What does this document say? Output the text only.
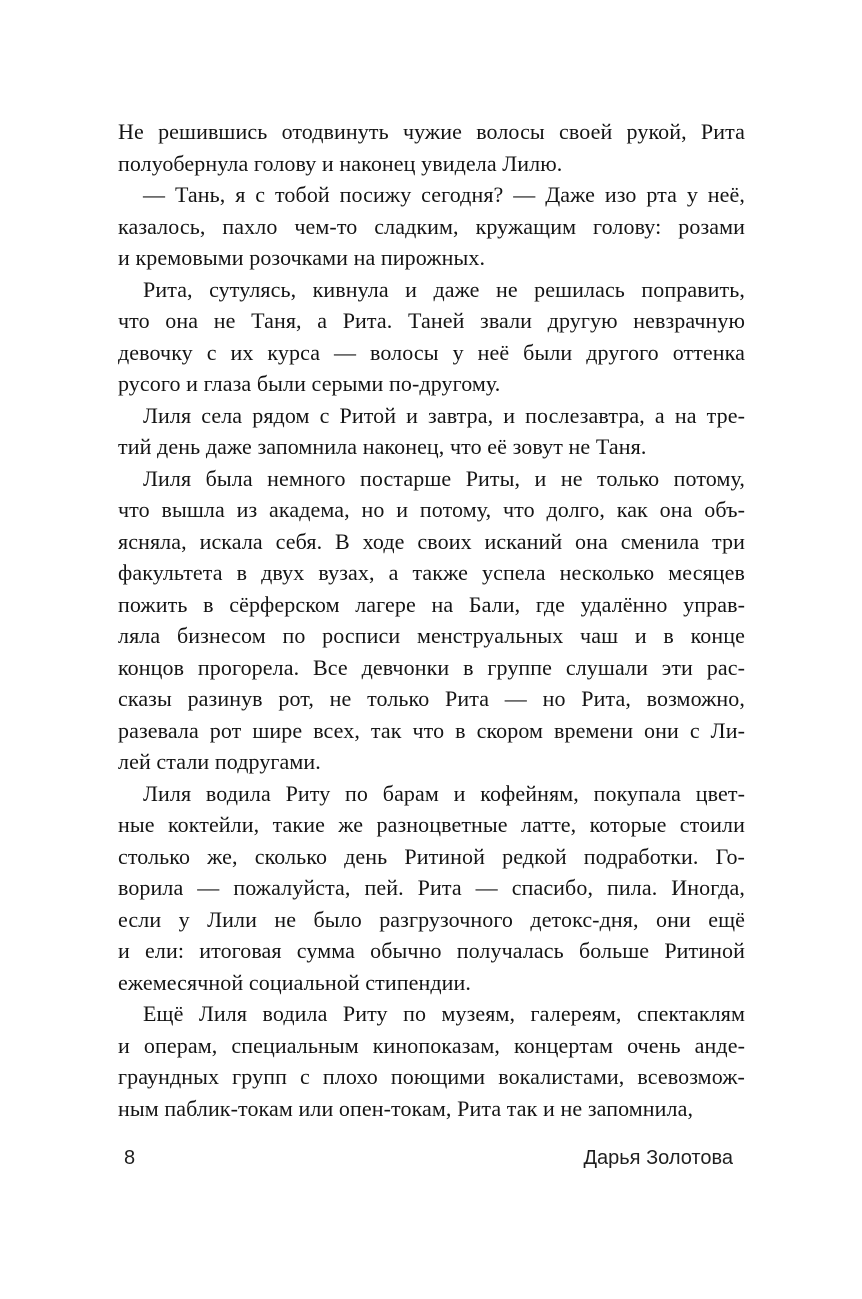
Не решившись отодвинуть чужие волосы своей рукой, Рита
полуобернула голову и наконец увидела Лилю.
— Тань, я с тобой посижу сегодня? — Даже изо рта у неё,
казалось, пахло чем-то сладким, кружащим голову: розами
и кремовыми розочками на пирожных.
Рита, сутулясь, кивнула и даже не решилась поправить,
что она не Таня, а Рита. Таней звали другую невзрачную
девочку с их курса — волосы у неё были другого оттенка
русого и глаза были серыми по-другому.
Лиля села рядом с Ритой и завтра, и послезавтра, а на тре-
тий день даже запомнила наконец, что её зовут не Таня.
Лиля была немного постарше Риты, и не только потому,
что вышла из академа, но и потому, что долго, как она объ-
ясняла, искала себя. В ходе своих исканий она сменила три
факультета в двух вузах, а также успела несколько месяцев
пожить в сёрферском лагере на Бали, где удалённо управ-
ляла бизнесом по росписи менструальных чаш и в конце
концов прогорела. Все девчонки в группе слушали эти рас-
сказы разинув рот, не только Рита — но Рита, возможно,
разевала рот шире всех, так что в скором времени они с Ли-
лей стали подругами.
Лиля водила Риту по барам и кофейням, покупала цвет-
ные коктейли, такие же разноцветные латте, которые стоили
столько же, сколько день Ритиной редкой подработки. Го-
ворила — пожалуйста, пей. Рита — спасибо, пила. Иногда,
если у Лили не было разгрузочного детокс-дня, они ещё
и ели: итоговая сумма обычно получалась больше Ритиной
ежемесячной социальной стипендии.
Ещё Лиля водила Риту по музеям, галереям, спектаклям
и операм, специальным кинопоказам, концертам очень анде-
граундных групп с плохо поющими вокалистами, всевозмож-
ным паблик-токам или опен-токам, Рита так и не запомнила,
8	Дарья Золотова
